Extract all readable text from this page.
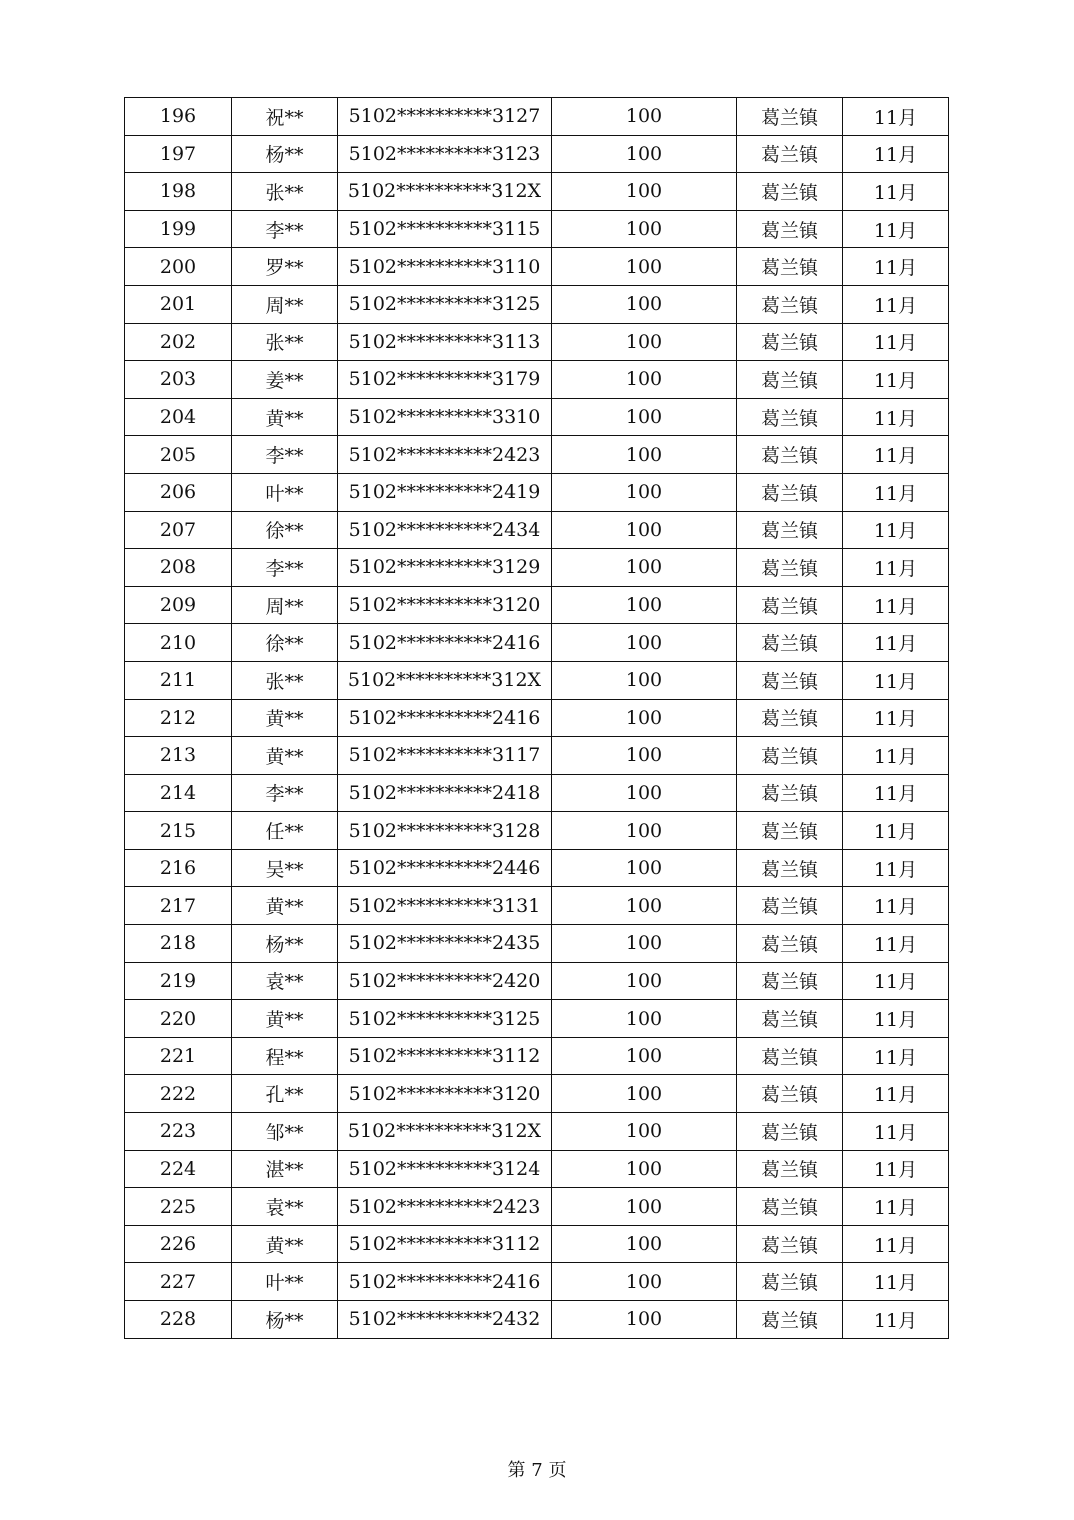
196	祝**	5102**********3127	100	葛兰镇	11月
197	杨**	5102**********3123	100	葛兰镇	11月
198	张**	5102**********312X	100	葛兰镇	11月
199	李**	5102**********3115	100	葛兰镇	11月
200	罗**	5102**********3110	100	葛兰镇	11月
201	周**	5102**********3125	100	葛兰镇	11月
202	张**	5102**********3113	100	葛兰镇	11月
203	姜**	5102**********3179	100	葛兰镇	11月
204	黄**	5102**********3310	100	葛兰镇	11月
205	李**	5102**********2423	100	葛兰镇	11月
206	叶**	5102**********2419	100	葛兰镇	11月
207	徐**	5102**********2434	100	葛兰镇	11月
208	李**	5102**********3129	100	葛兰镇	11月
209	周**	5102**********3120	100	葛兰镇	11月
210	徐**	5102**********2416	100	葛兰镇	11月
211	张**	5102**********312X	100	葛兰镇	11月
212	黄**	5102**********2416	100	葛兰镇	11月
213	黄**	5102**********3117	100	葛兰镇	11月
214	李**	5102**********2418	100	葛兰镇	11月
215	任**	5102**********3128	100	葛兰镇	11月
216	吴**	5102**********2446	100	葛兰镇	11月
217	黄**	5102**********3131	100	葛兰镇	11月
218	杨**	5102**********2435	100	葛兰镇	11月
219	袁**	5102**********2420	100	葛兰镇	11月
220	黄**	5102**********3125	100	葛兰镇	11月
221	程**	5102**********3112	100	葛兰镇	11月
222	孔**	5102**********3120	100	葛兰镇	11月
223	邹**	5102**********312X	100	葛兰镇	11月
224	湛**	5102**********3124	100	葛兰镇	11月
225	袁**	5102**********2423	100	葛兰镇	11月
226	黄**	5102**********3112	100	葛兰镇	11月
227	叶**	5102**********2416	100	葛兰镇	11月
228	杨**	5102**********2432	100	葛兰镇	11月
第 7 页
